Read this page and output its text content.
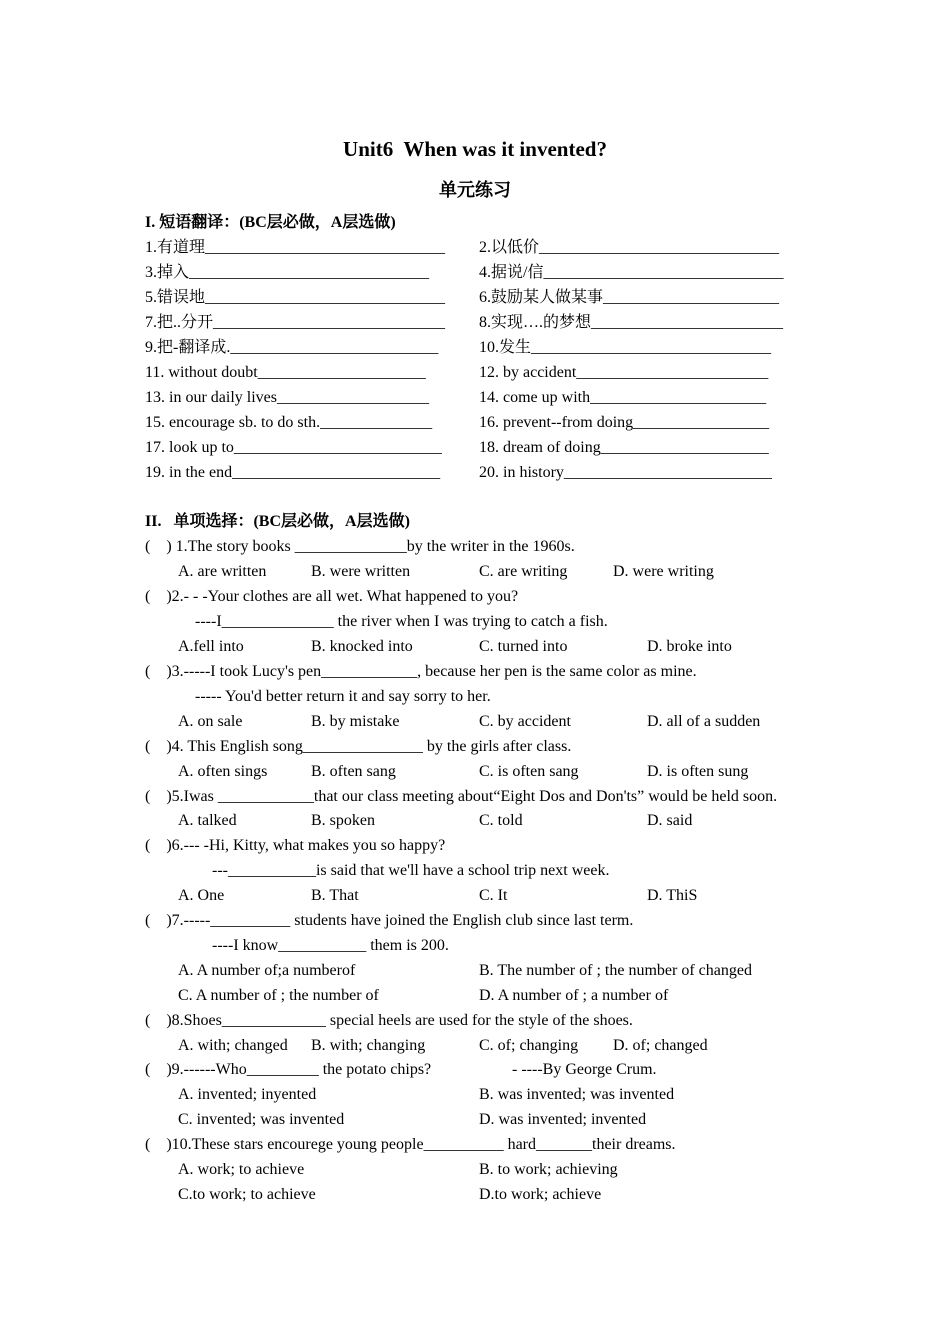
Unit6  When was it invented?
单元练习
I. 短语翻译：(BC层必做，A层选做)
1.有道理______________________________ 2.以低价______________________________
3.掉入______________________________	4.据说/信______________________________
5.错误地______________________________ 6.鼓励某人做某事______________________
7.把..分开_____________________________ 8.实现….的梦想________________________
9.把-翻译成.__________________________	10.发生______________________________
11. without doubt_____________________	12. by accident________________________
13. in our daily lives___________________	14. come up with______________________
15. encourage sb. to do sth.______________	16. prevent--from doing_________________
17. look up to__________________________ 18. dream of doing_____________________
19. in the end__________________________ 20. in history__________________________
II.   单项选择：(BC层必做，A层选做)
(    ) 1.The story books ______________by the writer in the 1960s.
A. are written	B. were written	C. are writing	D. were writing
(    )2.- - -Your clothes are all wet. What happened to you?
----I______________ the river when I was trying to catch a fish.
A.fell into	B. knocked into	C. turned into	D. broke into
(    )3.-----I took Lucy's pen____________, because her pen is the same color as mine.
----- You'd better return it and say sorry to her.
A. on sale	B. by mistake	C. by accident	D. all of a sudden
(    )4. This English song_______________ by the girls after class.
A. often sings	B. often sang	C. is often sang	D. is often sung
(    )5.Iwas ____________that our class meeting about“Eight Dos and Don'ts” would be held soon.
A. talked	B. spoken	C. told	D. said
(    )6.--- -Hi, Kitty, what makes you so happy?
---___________is said that we'll have a school trip next week.
A. One	B. That	C. It	D. ThiS
(    )7.-----__________ students have joined the English club since last term.
----I know___________ them is 200.
A. A number of;a numberof	B. The number of ; the number of changed
C. A number of ; the number of	D. A number of ; a number of
(    )8.Shoes_____________ special heels are used for the style of the shoes.
A. with; changed B. with; changing	C. of; changing D. of; changed
(    )9.------Who_________ the potato chips?	- ----By George Crum.
A. invented; inyented	B. was invented; was invented
C. invented; was invented	D. was invented; invented
(    )10.These stars encourege young people__________ hard_______their dreams.
A. work; to achieve	B. to work; achieving
C.to work; to achieve	D.to work; achieve
